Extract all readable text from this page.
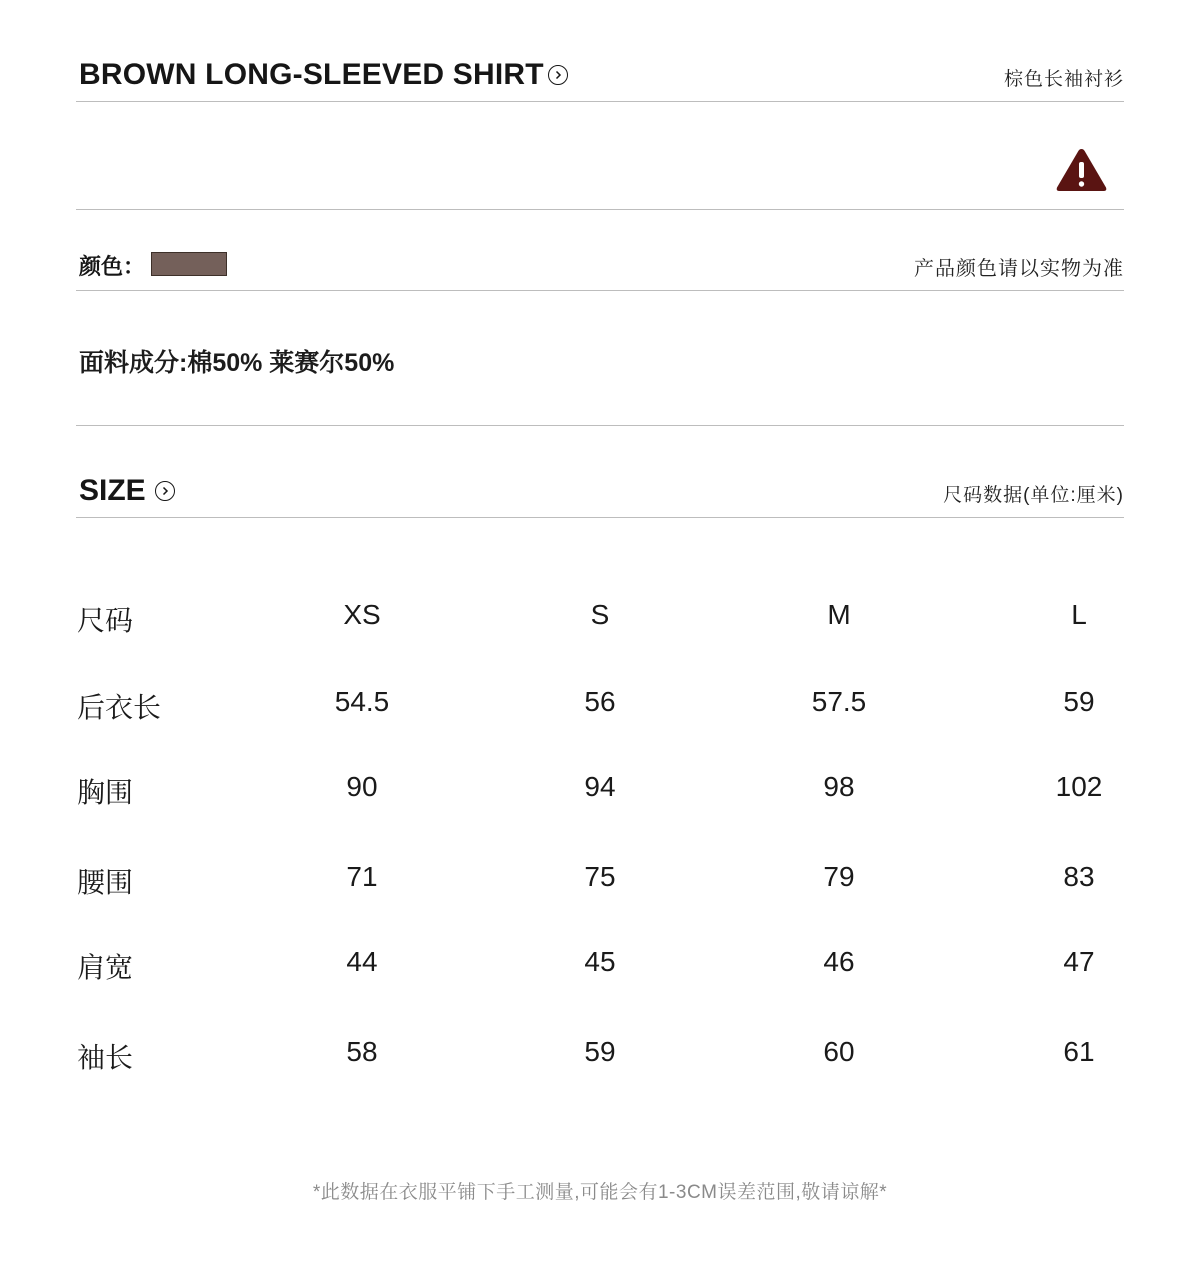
BROWN LONG-SLEEVED SHIRT	棕色长袖衬衫
颜色：	产品颜色请以实物为准
面料成分:棉50% 莱赛尔50%
SIZE	尺码数据(单位:厘米)
尺码	XS	S	M	L
后衣长	54.5	56	57.5	59
胸围	90	94	98	102
腰围	71	75	79	83
肩宽	44	45	46	47
袖长	58	59	60	61
*此数据在衣服平铺下手工测量,可能会有1-3CM误差范围,敬请谅解*
